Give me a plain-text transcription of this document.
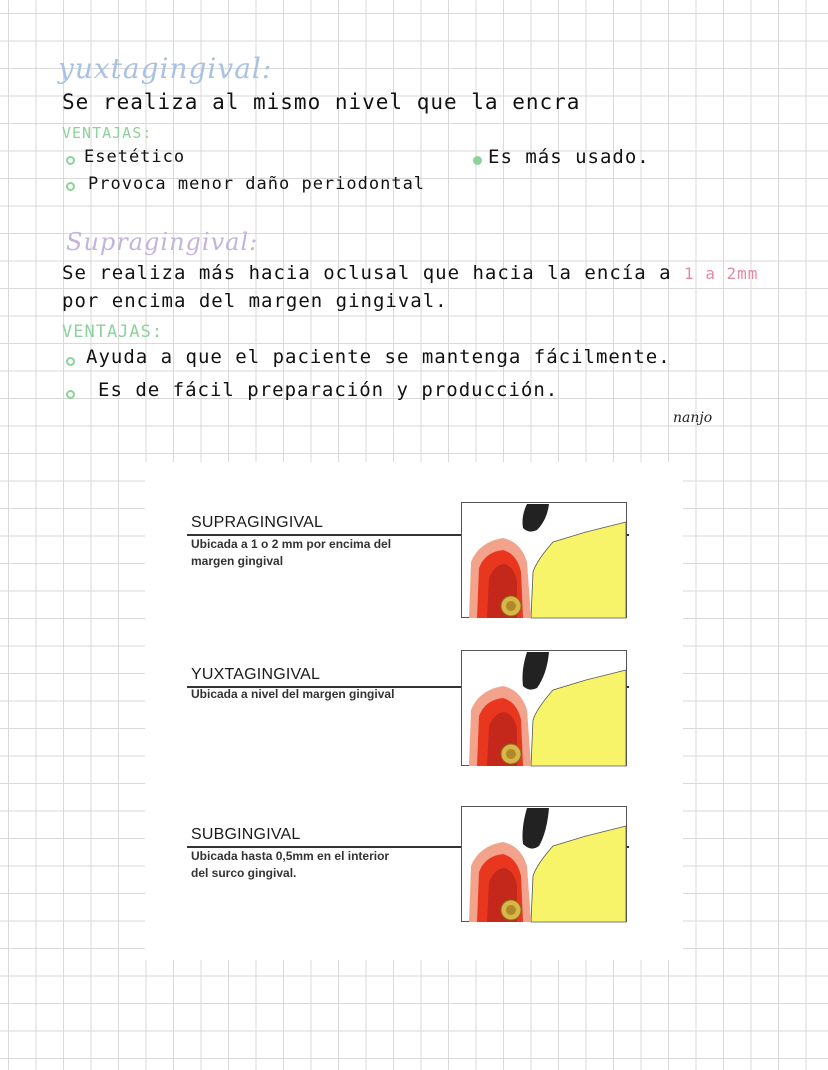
yuxtagingival:
Se realiza al mismo nivel que la encra
VENTAJAS:
Esetético
Provoca menor daño periodontal
Es más usado.
Supragingival:
Se realiza más hacia oclusal que hacia la encía a 1 a 2mm
por encima del margen gingival.
VENTAJAS:
Ayuda a que el paciente se mantenga fácilmente.
Es de fácil preparación y producción.
nanjo
SUPRAGINGIVAL
Ubicada a 1 o 2 mm por encima del
margen gingival
YUXTAGINGIVAL
Ubicada a nivel del margen gingival
SUBGINGIVAL
Ubicada hasta 0,5mm en el interior
del surco gingival.
